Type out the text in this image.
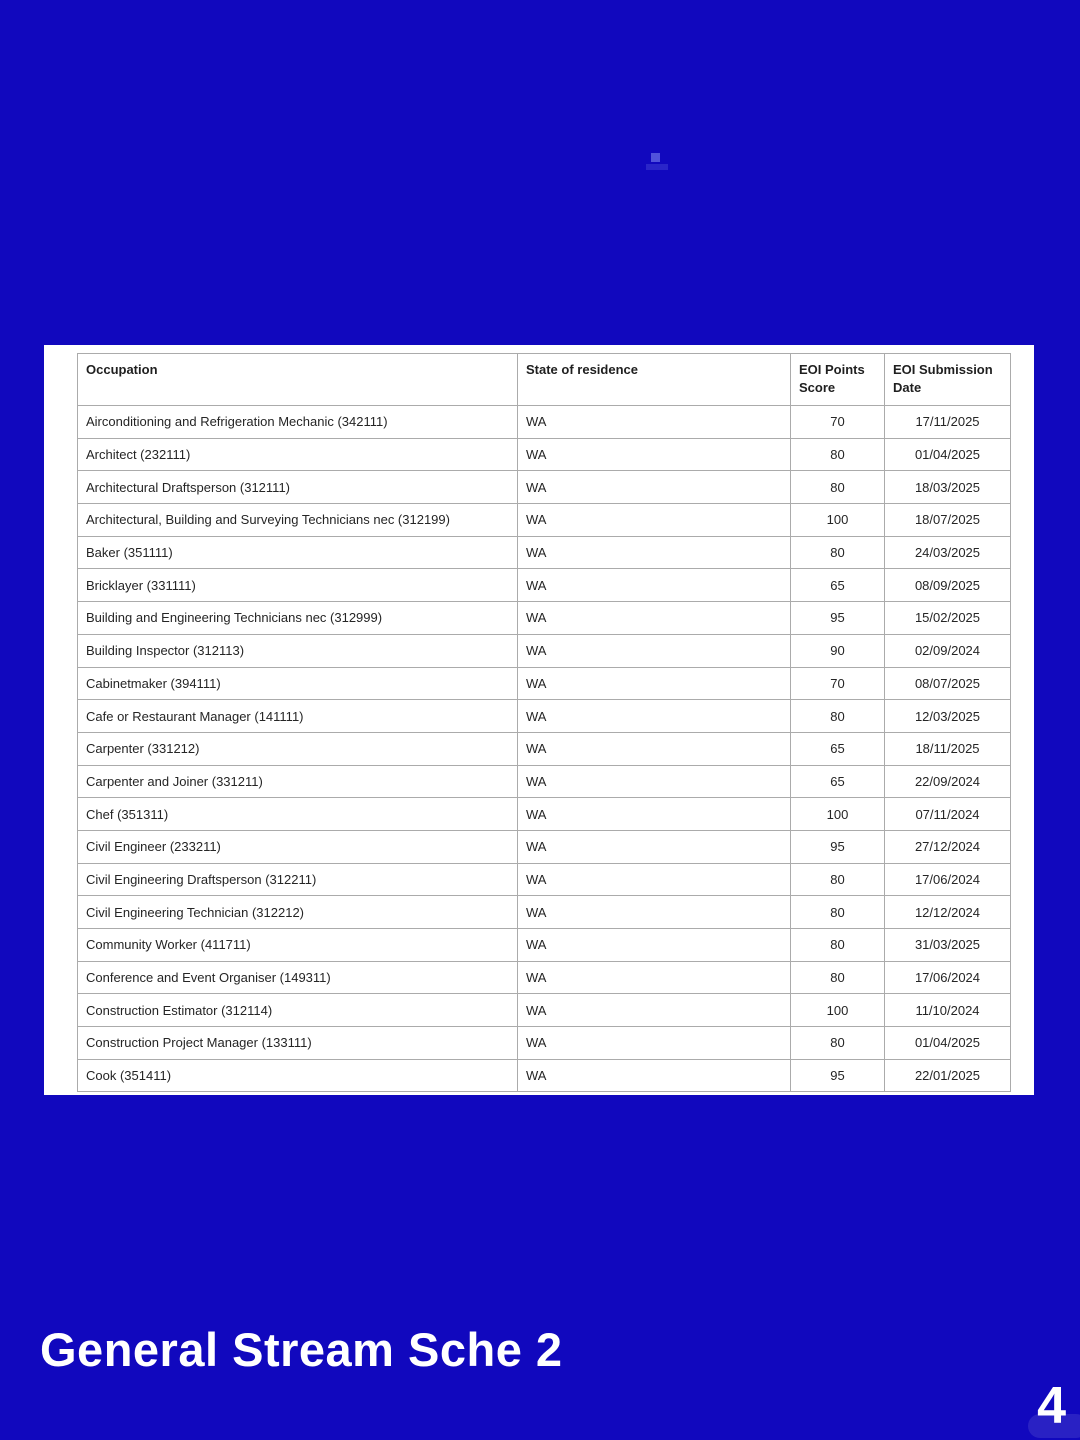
Occupation	State of residence	EOI Points Score	EOI Submission Date
Airconditioning and Refrigeration Mechanic (342111)	WA	70	17/11/2025
Architect (232111)	WA	80	01/04/2025
Architectural Draftsperson (312111)	WA	80	18/03/2025
Architectural, Building and Surveying Technicians nec (312199)	WA	100	18/07/2025
Baker (351111)	WA	80	24/03/2025
Bricklayer (331111)	WA	65	08/09/2025
Building and Engineering Technicians nec (312999)	WA	95	15/02/2025
Building Inspector (312113)	WA	90	02/09/2024
Cabinetmaker (394111)	WA	70	08/07/2025
Cafe or Restaurant Manager (141111)	WA	80	12/03/2025
Carpenter (331212)	WA	65	18/11/2025
Carpenter and Joiner (331211)	WA	65	22/09/2024
Chef (351311)	WA	100	07/11/2024
Civil Engineer (233211)	WA	95	27/12/2024
Civil Engineering Draftsperson (312211)	WA	80	17/06/2024
Civil Engineering Technician (312212)	WA	80	12/12/2024
Community Worker (411711)	WA	80	31/03/2025
Conference and Event Organiser (149311)	WA	80	17/06/2024
Construction Estimator (312114)	WA	100	11/10/2024
Construction Project Manager (133111)	WA	80	01/04/2025
Cook (351411)	WA	95	22/01/2025
General Stream Sche 2
4
